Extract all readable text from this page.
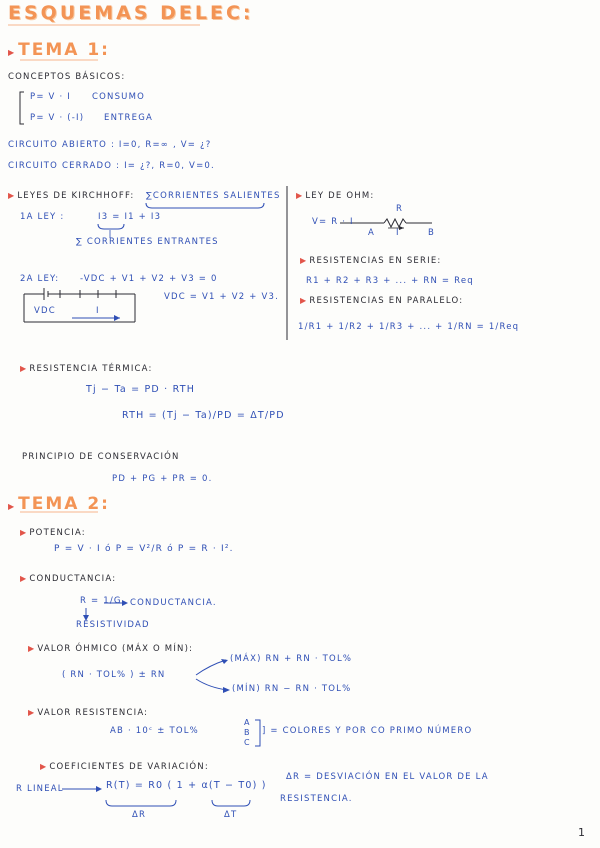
ESQUEMAS DELEC:
▶ TEMA 1:
CONCEPTOS BÁSICOS:
P= V · I CONSUMO
P= V · (-I) ENTREGA
CIRCUITO ABIERTO : I=0, R=∞ , V= ¿?
CIRCUITO CERRADO : I= ¿?, R=0, V=0.
▶ LEYES DE KIRCHHOFF: ∑CORRIENTES SALIENTES
1A LEY :	I3 = I1 + I3
∑ CORRIENTES ENTRANTES
2A LEY: -VDC + V1 + V2 + V3 = 0
VDC = V1 + V2 + V3.
VDC	I
▶ LEY DE OHM:
V= R · I
R
A I	B
▶ RESISTENCIAS EN SERIE:
R1 + R2 + R3 + ... + RN = Req
▶ RESISTENCIAS EN PARALELO:
1/R1 + 1/R2 + 1/R3 + ... + 1/RN = 1/Req
▶ RESISTENCIA TÉRMICA:
Tj − Ta = PD · RTH
RTH = (Tj − Ta)/PD = ΔT/PD
PRINCIPIO DE CONSERVACIÓN
PD + PG + PR = 0.
▶ TEMA 2:
▶ POTENCIA:
P = V · I ó P = V²/R ó P = R · I².
▶ CONDUCTANCIA:
R = 1/G CONDUCTANCIA.
RESISTIVIDAD
▶ VALOR ÓHMICO (MÁX O MÍN):
( RN · TOL% ) ± RN
(MÁX) RN + RN · TOL%
(MÍN) RN − RN · TOL%
▶ VALOR RESISTENCIA:
AB · 10ᶜ ± TOL%
A
B
C
] = COLORES Y POR CO PRIMO NÚMERO
▶ COEFICIENTES DE VARIACIÓN:
R LINEAL	R(T) = R0 ( 1 + α(T − T0) )
ΔR	ΔT
ΔR = DESVIACIÓN EN EL VALOR DE LA
RESISTENCIA.
1
